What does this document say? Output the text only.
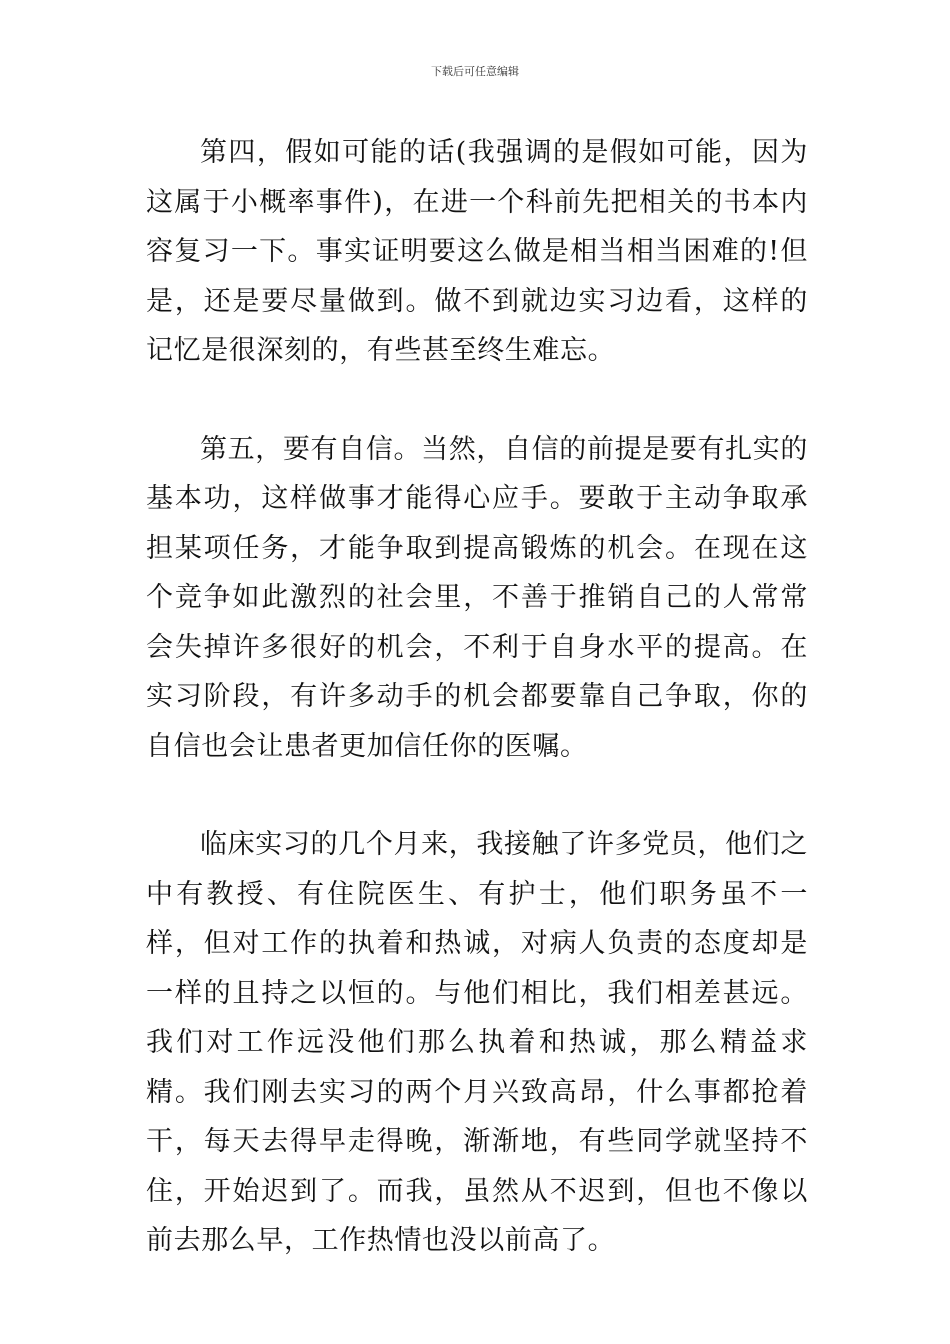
下载后可任意编辑

第四，假如可能的话(我强调的是假如可能，因为这属于小概率事件)，在进一个科前先把相关的书本内容复习一下。事实证明要这么做是相当相当困难的!但是，还是要尽量做到。做不到就边实习边看，这样的记忆是很深刻的，有些甚至终生难忘。

第五，要有自信。当然，自信的前提是要有扎实的基本功，这样做事才能得心应手。要敢于主动争取承担某项任务，才能争取到提高锻炼的机会。在现在这个竞争如此激烈的社会里，不善于推销自己的人常常会失掉许多很好的机会，不利于自身水平的提高。在实习阶段，有许多动手的机会都要靠自己争取，你的自信也会让患者更加信任你的医嘱。

临床实习的几个月来，我接触了许多党员，他们之中有教授、有住院医生、有护士，他们职务虽不一样，但对工作的执着和热诚，对病人负责的态度却是一样的且持之以恒的。与他们相比，我们相差甚远。我们对工作远没他们那么执着和热诚，那么精益求精。我们刚去实习的两个月兴致高昂，什么事都抢着干，每天去得早走得晚，渐渐地，有些同学就坚持不住，开始迟到了。而我，虽然从不迟到，但也不像以前去那么早，工作热情也没以前高了。
